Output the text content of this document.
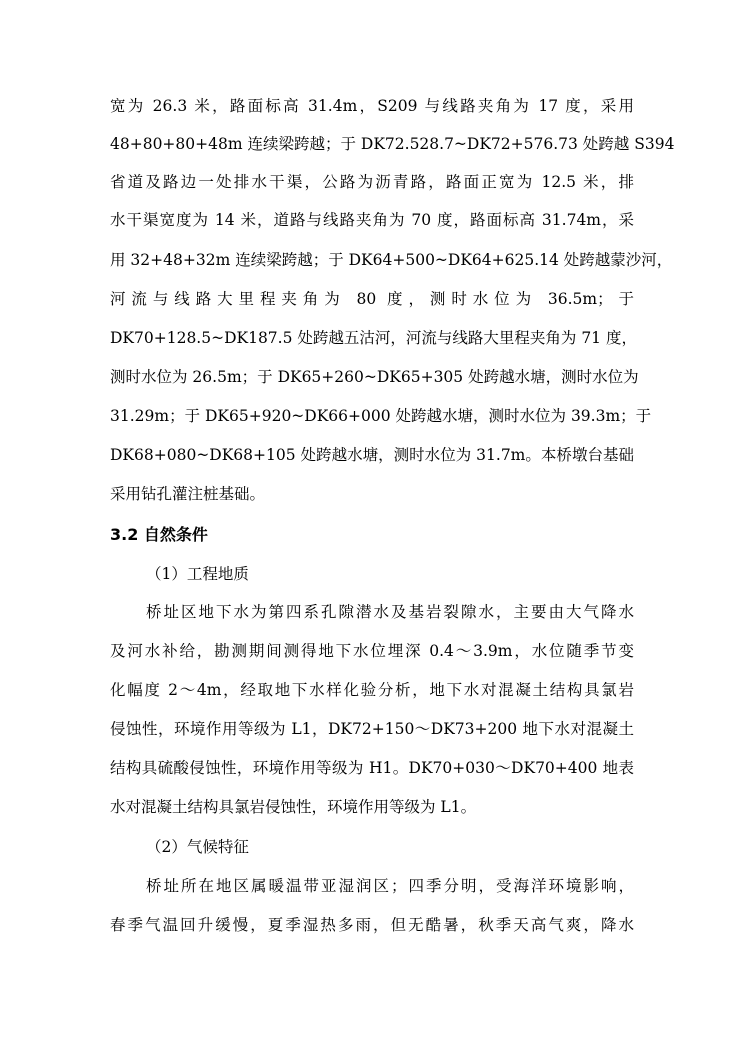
宽为 26.3 米，路面标高 31.4m，S209 与线路夹角为 17 度，采用
48+80+80+48m 连续梁跨越；于 DK72.528.7~DK72+576.73 处跨越 S394
省道及路边一处排水干渠，公路为沥青路，路面正宽为 12.5 米，排
水干渠宽度为 14 米，道路与线路夹角为 70 度，路面标高 31.74m，采
用 32+48+32m 连续梁跨越；于 DK64+500~DK64+625.14 处跨越蒙沙河，
河流与线路大里程夹角为 80 度，测时水位为 36.5m；于
DK70+128.5~DK187.5 处跨越五沽河，河流与线路大里程夹角为 71 度，
测时水位为 26.5m；于 DK65+260~DK65+305 处跨越水塘，测时水位为
31.29m；于 DK65+920~DK66+000 处跨越水塘，测时水位为 39.3m；于
DK68+080~DK68+105 处跨越水塘，测时水位为 31.7m。本桥墩台基础
采用钻孔灌注桩基础。
3.2 自然条件
（1）工程地质
桥址区地下水为第四系孔隙潜水及基岩裂隙水，主要由大气降水
及河水补给，勘测期间测得地下水位埋深 0.4～3.9m，水位随季节变
化幅度 2～4m，经取地下水样化验分析，地下水对混凝土结构具氯岩
侵蚀性，环境作用等级为 L1，DK72+150～DK73+200 地下水对混凝土
结构具硫酸侵蚀性，环境作用等级为 H1。DK70+030～DK70+400 地表
水对混凝土结构具氯岩侵蚀性，环境作用等级为 L1。
（2）气候特征
桥址所在地区属暖温带亚湿润区；四季分明，受海洋环境影响，
春季气温回升缓慢，夏季湿热多雨，但无酷暑，秋季天高气爽，降水
